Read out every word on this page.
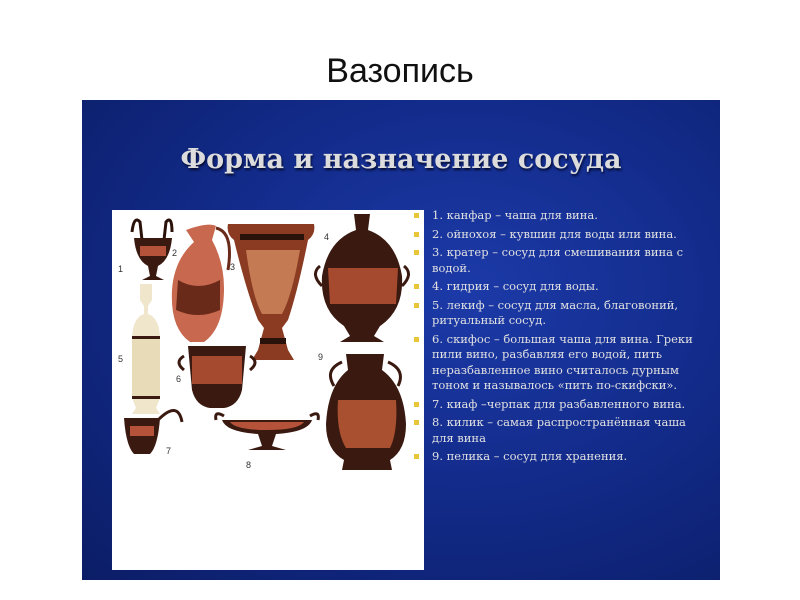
Вазопись
Форма и назначение сосуда
1
2
3
4
5
6
7
8
9
1. канфар – чаша для вина.
2. ойнохоя – кувшин для воды или вина.
3. кратер – сосуд для смешивания вина с водой.
4. гидрия – сосуд для воды.
5. лекиф – сосуд для масла, благовоний, ритуальный сосуд.
6. скифос – большая чаша для вина. Греки пили вино, разбавляя его водой, пить неразбавленное вино считалось дурным тоном и называлось «пить по-скифски».
7. киаф –черпак для разбавленного вина.
8. килик – самая распространённая чаша для вина
9. пелика – сосуд для хранения.
